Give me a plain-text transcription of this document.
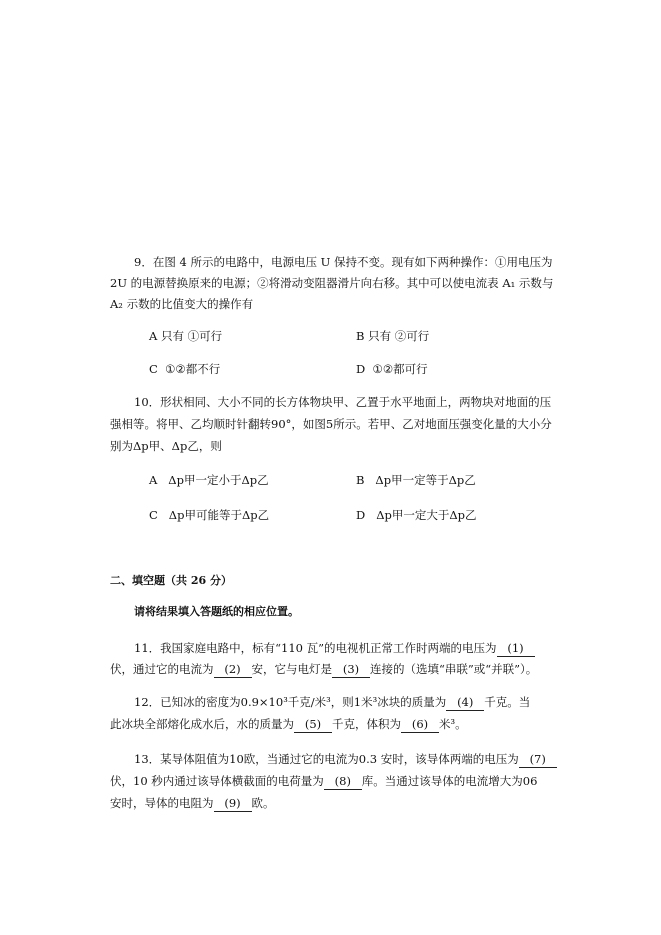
9．在图 4 所示的电路中，电源电压 U 保持不变。现有如下两种操作：①用电压为
2U 的电源替换原来的电源；②将滑动变阻器滑片向右移。其中可以使电流表 A₁ 示数与
A₂ 示数的比值变大的操作有
A 只有 ①可行	B 只有 ②可行
C ①②都不行	D ①②都可行
10．形状相同、大小不同的长方体物块甲、乙置于水平地面上，两物块对地面的压
强相等。将甲、乙均顺时针翻转90°，如图5所示。若甲、乙对地面压强变化量的大小分
别为Δp甲、Δp乙，则
A Δp甲一定小于Δp乙	B Δp甲一定等于Δp乙
C Δp甲可能等于Δp乙	D Δp甲一定大于Δp乙
二、填空题（共 26 分）
请将结果填入答题纸的相应位置。
11．我国家庭电路中，标有“110 瓦”的电视机正常工作时两端的电压为 (1)
伏，通过它的电流为 (2) 安，它与电灯是 (3) 连接的（选填“串联”或“并联”）。
12．已知冰的密度为0.9×10³千克/米³，则1米³冰块的质量为 (4) 千克。当
此冰块全部熔化成水后，水的质量为 (5) 千克，体积为 (6) 米³。
13．某导体阻值为10欧，当通过它的电流为0.3 安时，该导体两端的电压为 (7)
伏，10 秒内通过该导体横截面的电荷量为 (8) 库。当通过该导体的电流增大为06
安时，导体的电阻为 (9) 欧。
